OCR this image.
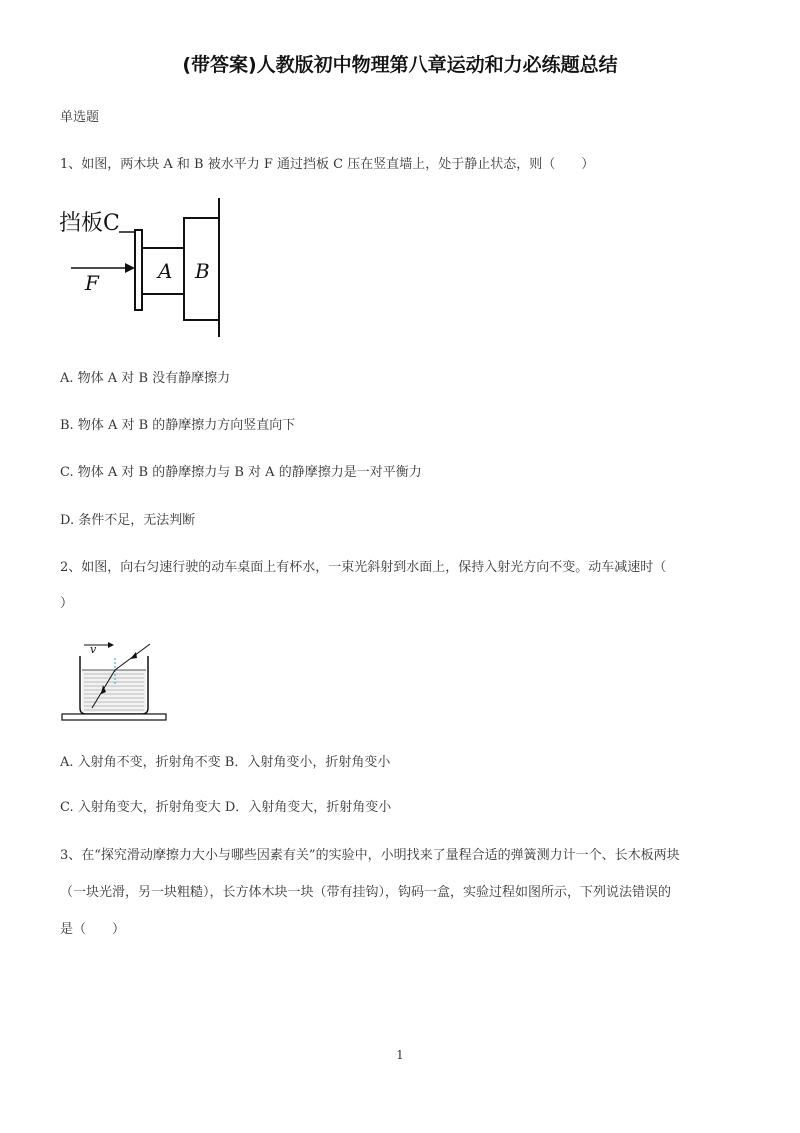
(带答案)人教版初中物理第八章运动和力必练题总结
单选题
1、如图，两木块 A 和 B 被水平力 F 通过挡板 C 压在竖直墙上，处于静止状态，则（　　）
挡板C
A B
F
A. 物体 A 对 B 没有静摩擦力
B. 物体 A 对 B 的静摩擦力方向竖直向下
C. 物体 A 对 B 的静摩擦力与 B 对 A 的静摩擦力是一对平衡力
D. 条件不足，无法判断
2、如图，向右匀速行驶的动车桌面上有杯水，一束光斜射到水面上，保持入射光方向不变。动车减速时（
）
v
A. 入射角不变，折射角不变 B．入射角变小，折射角变小
C. 入射角变大，折射角变大 D．入射角变大，折射角变小
3、在“探究滑动摩擦力大小与哪些因素有关”的实验中，小明找来了量程合适的弹簧测力计一个、长木板两块
（一块光滑，另一块粗糙），长方体木块一块（带有挂钩），钩码一盒，实验过程如图所示，下列说法错误的
是（　　）
1
